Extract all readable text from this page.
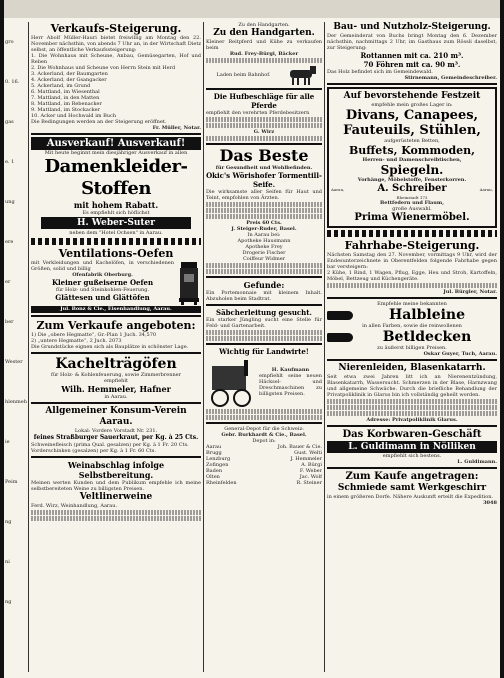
gro
0. 16.
gas
e. 1
ung
ere
er
ber
Wester
hlenmeh
ie
Peim
ng
ni
ng
Verkaufs-Steigerung.
Herr Abolf Müller-Hauri bietet freiwillig am Montag den 22. November nächsthin, von abends 7 Uhr an, in der Wirtschaft Dietz selbst, an öffentliche Verkaufssteigerung:
1. Die Wohnhaus mit Scheune, Anbau, Gemüsegarten, Hof und Reben
2. Die Wohnhaus und Scheune von Herrn Stein mit Herd
3. Ackerland, der Baumgarten
4. Ackerland, der Gsangacker
5. Ackerland, im Grund
6. Mattland, im Wiesenthal
7. Mattland, in den Matten
8. Mattland, im Rebenacker
9. Mattland, im Stockacker
10. Acker und Hochwald im Buch
Die Bedingungen werden an der Steigerung eröffnet.
Fr. Müller, Notar.
Ausverkauf! Ausverkauf!
Mit heute beginnt mein diesjähriger Ausverkauf in allen
Damenkleider-Stoffen
mit hohem Rabatt.
Es empfiehlt sich höflichst
H. Weber-Suter
neben dem "Hotel Ochsen" in Aarau.
Ventilations-Oefen
mit Verkleidungen und Kachelöfen, in verschiedenen Größen, solid und billig
Ofenfabrik Oberburg.
Kleiner gußeiserne Oefen
für Holz- und Steinkohlen-Feuerung.
Glättesen und Glättöfen
Jul. Bonz & Cie., Eisenhandlung, Aarau.
Zum Verkaufe angeboten:
1) Die „obere Hegmatte“, Gr.-Plan 1 Juch. 34,570
2) „untere Hegmatte“, 2 Juch. 2073
Die Grundstücke eignen sich als Bauplätze in schönster Lage.
Kachelträgöfen
für Holz- & Kohlenfeuerung, sowie Zimmerbrenner
empfiehlt
Wilh. Hemmeler, Hafner
in Aarau.
Allgemeiner Konsum-Verein Aarau.
Lokal: Vordere Vorstadt Nr. 231.
feines Straßburger Sauerkraut, per Kg. à 25 Cts.
Schweinefleisch (prima Qual. gesalzen) per Kg. à 1 Fr. 20 Cts.
Vorderschinken (gesalzen) per Kg. à 1 Fr. 60 Cts.
Weinabschlag infolge Selbstbereitung.
Meinen werten Kunden und dem Publikum empfehle ich meine selbstbereiteten Weine zu billigsten Preisen.
Veltlinerweine
Ferd. Wirz, Weinhandlung, Aarau.
Zu den Handgarten.
Zu den Handgarten.
Kleiner Reitpferd und Kühe zu verkaufen beim
Rud. Frey-Bürgi, Bäcker
Laden beim Bahnhof.
Die Hufbeschläge für alle Pferde
empfiehlt den verehrten Pferdebesitzern
G. Wirz
Das Beste
für Gesundheit und Wohlbefinden.
Okic's Wörishofer Tormentill-Seife.
Die wirksamste aller Seifen für Haut und Teint, empfohlen von Ärzten.
Preis 60 Cts.
J. Steiger-Ruder, Basel.
In Aarau bei:
Apotheke Hausmann
Apotheke Frey
Drogerie Fischer
Coiffeur Widmer
Gefunde:
Ein Portemonnaie mit kleinem Inhalt. Abzuholen beim Stadtrat.
Säbcherleitung gesucht.
Ein starker Jüngling sucht eine Stelle für Feld- und Gartenarbeit.
Wichtig für Landwirte!
H. Kaufmann
empfiehlt seine neuen Häcksel- und Dreschmaschinen zu billigsten Preisen.
General-Depot für die Schweiz:
Gebr. Burkhardt & Cie., Basel.
Depot in:
Aarau	Joh. Bauer & Cie.
Brugg	Gust. Welti
Lenzburg	J. Hemmeler
Zofingen	A. Bürgi
Baden	F. Weber
Olten	Jac. Wolf
Rheinfelden	R. Steiner
Bau- und Nutzholz-Steigerung.
Der Gemeinderat von Buchs bringt Montag den 6. Dezember nächsthin, nachmittags 2 Uhr, im Gasthaus zum Rössli daselbst, zur Steigerung:
Rottannen mit ca. 210 m³.
70 Föhren mit ca. 90 m³.
Das Holz befindet sich im Gemeindewald.
Stirnemann, Gemeindeschreiber.
Auf bevorstehende Festzeit
empfehle mein großes Lager in:
Divans, Canapees,
Fauteuils, Stühlen,
aufgerüsteten Betten,
Buffets, Kommoden,
Herren- und Damenschreibtischen,
Spiegeln.
Vorhänge, Möbelstoffe, Fensterkorren.
Aarau,	A. Schreiber	Aarau,
Rheinstadt 173
Bettfedern und Flaum,
große Auswahl.
Prima Wienermöbel.
Fahrhabe-Steigerung.
Nächsten Samstag den 27. November, vormittags 9 Uhr, wird der Endesunterzeichnete in Oberentfelden folgende Fahrhabe gegen bar versteigern:
2 Kühe, 1 Rind, 1 Wagen, Pflug, Egge, Heu und Stroh, Kartoffeln, Möbel, Bettzeug und Küchengeräte.
Jul. Bürgler, Notar.
Empfehle meine bekannten
Halbleine
in allen Farben, sowie die reinwollenen
Betldecken
zu äußerst billigen Preisen.
Oskar Guyer, Tuch, Aarau.
Nierenleiden, Blasenkatarrh.
Seit etwa zwei Jahren litt ich an Nierenentzündung, Blasenkatarrh, Wassersucht. Schmerzen in der Blase, Harnzwang und allgemeine Schwäche. Durch die briefliche Behandlung der Privatpoliklinik in Glarus bin ich vollständig geheilt worden.
Adresse: Privatpoliklinik Glarus.
Das Korbwaren-Geschäft
L. Guldimann in Nölliken
empfiehlt sich bestens.
L. Guldimann.
Zum Kaufe angetragen:
Schmiede samt Werkgeschirr
in einem größeren Dorfe. Nähere Auskunft erteilt die Expedition.
3048
